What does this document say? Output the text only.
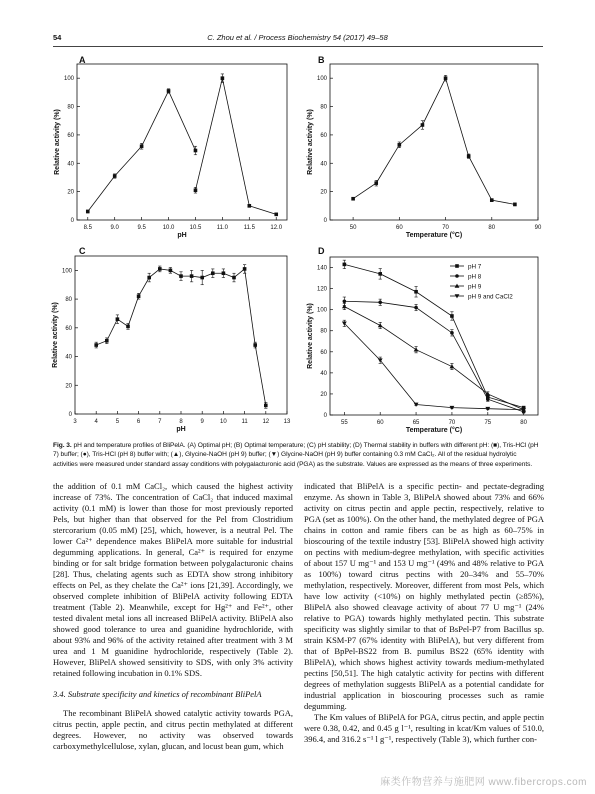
54	C. Zhou et al. / Process Biochemistry 54 (2017) 49–58
A
8.5	9.0	9.5	10.0	10.5	11.0	11.5	12.0
0
20
40
60
80
100
pH
Relative activity (%)
B
50	60	70	80	90
0
20
40
60
80
100
Temperature (°C)
Relative activity (%)
C
3	4	5	6	7	8	9	10 11 12 13
0
20
40
60
80
100
pH
Relative activity (%)
D
55	60	65	70	75	80
0
20
40
60
80
100
120
140
Temperature (°C)
Relative activity (%)
pH 7
pH 8
pH 9
pH 9 and CaCl2
Fig. 3. pH and temperature profiles of BliPelA. (A) Optimal pH; (B) Optimal temperature; (C) pH stability; (D) Thermal stability in buffers with different pH: (■), Tris-HCl (pH 7) buffer; (●), Tris-HCl (pH 8) buffer with; (▲), Glycine-NaOH (pH 9) buffer; (▼) Glycine-NaOH (pH 9) buffer containing 0.3 mM CaCl₂. All of the residual hydrolytic activities were measured under standard assay conditions with polygalacturonic acid (PGA) as the substrate. Values are expressed as the means of three experiments.

the addition of 0.1 mM CaCl₂, which caused the highest activity increase of 73%. The concentration of CaCl₂ that induced maximal activity (0.1 mM) is lower than those for most previously reported Pels, but higher than that observed for the Pel from Clostridium stercorarium (0.05 mM) [25], which, however, is a neutral Pel. The lower Ca²⁺ dependence makes BliPelA more suitable for industrial degumming applications. In general, Ca²⁺ is required for enzyme binding or for salt bridge formation between polygalacturonic chains [28]. Thus, chelating agents such as EDTA show strong inhibitory effects on Pel, as they chelate the Ca²⁺ ions [21,39]. Accordingly, we observed complete inhibition of BliPelA activity following EDTA treatment (Table 2). Meanwhile, except for Hg²⁺ and Fe²⁺, other tested divalent metal ions all increased BliPelA activity. BliPelA also showed good tolerance to urea and guanidine hydrochloride, with about 93% and 96% of the activity retained after treatment with 3 M urea and 1 M guanidine hydrochloride, respectively (Table 2). However, BliPelA showed sensitivity to SDS, with only 3% activity retained following incubation in 0.1% SDS.

3.4. Substrate specificity and kinetics of recombinant BliPelA

The recombinant BliPelA showed catalytic activity towards PGA, citrus pectin, apple pectin, and citrus pectin methylated at different degrees. However, no activity was observed towards carboxymethylcellulose, xylan, glucan, and locust bean gum, which

indicated that BliPelA is a specific pectin- and pectate-degrading enzyme. As shown in Table 3, BliPelA showed about 73% and 66% activity on citrus pectin and apple pectin, respectively, relative to PGA (set as 100%). On the other hand, the methylated degree of PGA chains in cotton and ramie fibers can be as high as 60–75% in bioscouring of the textile industry [53]. BliPelA showed high activity on pectins with medium-degree methylation, with specific activities of about 157 U mg⁻¹ and 153 U mg⁻¹ (49% and 48% relative to PGA as 100%) toward citrus pectins with 20–34% and 55–70% methylation, respectively. Moreover, different from most Pels, which have low activity (<10%) on highly methylated pectin (≥85%), BliPelA also showed cleavage activity of about 77 U mg⁻¹ (24% relative to PGA) towards highly methylated pectin. This substrate specificity was slightly similar to that of BsPel-P7 from Bacillus sp. strain KSM-P7 (67% identity with BliPelA), but very different from that of BpPel-BS22 from B. pumilus BS22 (65% identity with BliPelA), which shows highest activity towards medium-methylated pectins [50,51]. The high catalytic activity for pectins with different degrees of methylation suggests BliPelA as a potential candidate for industrial application in bioscouring processes such as ramie degumming.

The Km values of BliPelA for PGA, citrus pectin, and apple pectin were 0.38, 0.42, and 0.45 g l⁻¹, resulting in kcat/Km values of 510.0, 396.4, and 316.2 s⁻¹ l g⁻¹, respectively (Table 3), which further con-

麻类作物营养与施肥网 www.fibercrops.com
